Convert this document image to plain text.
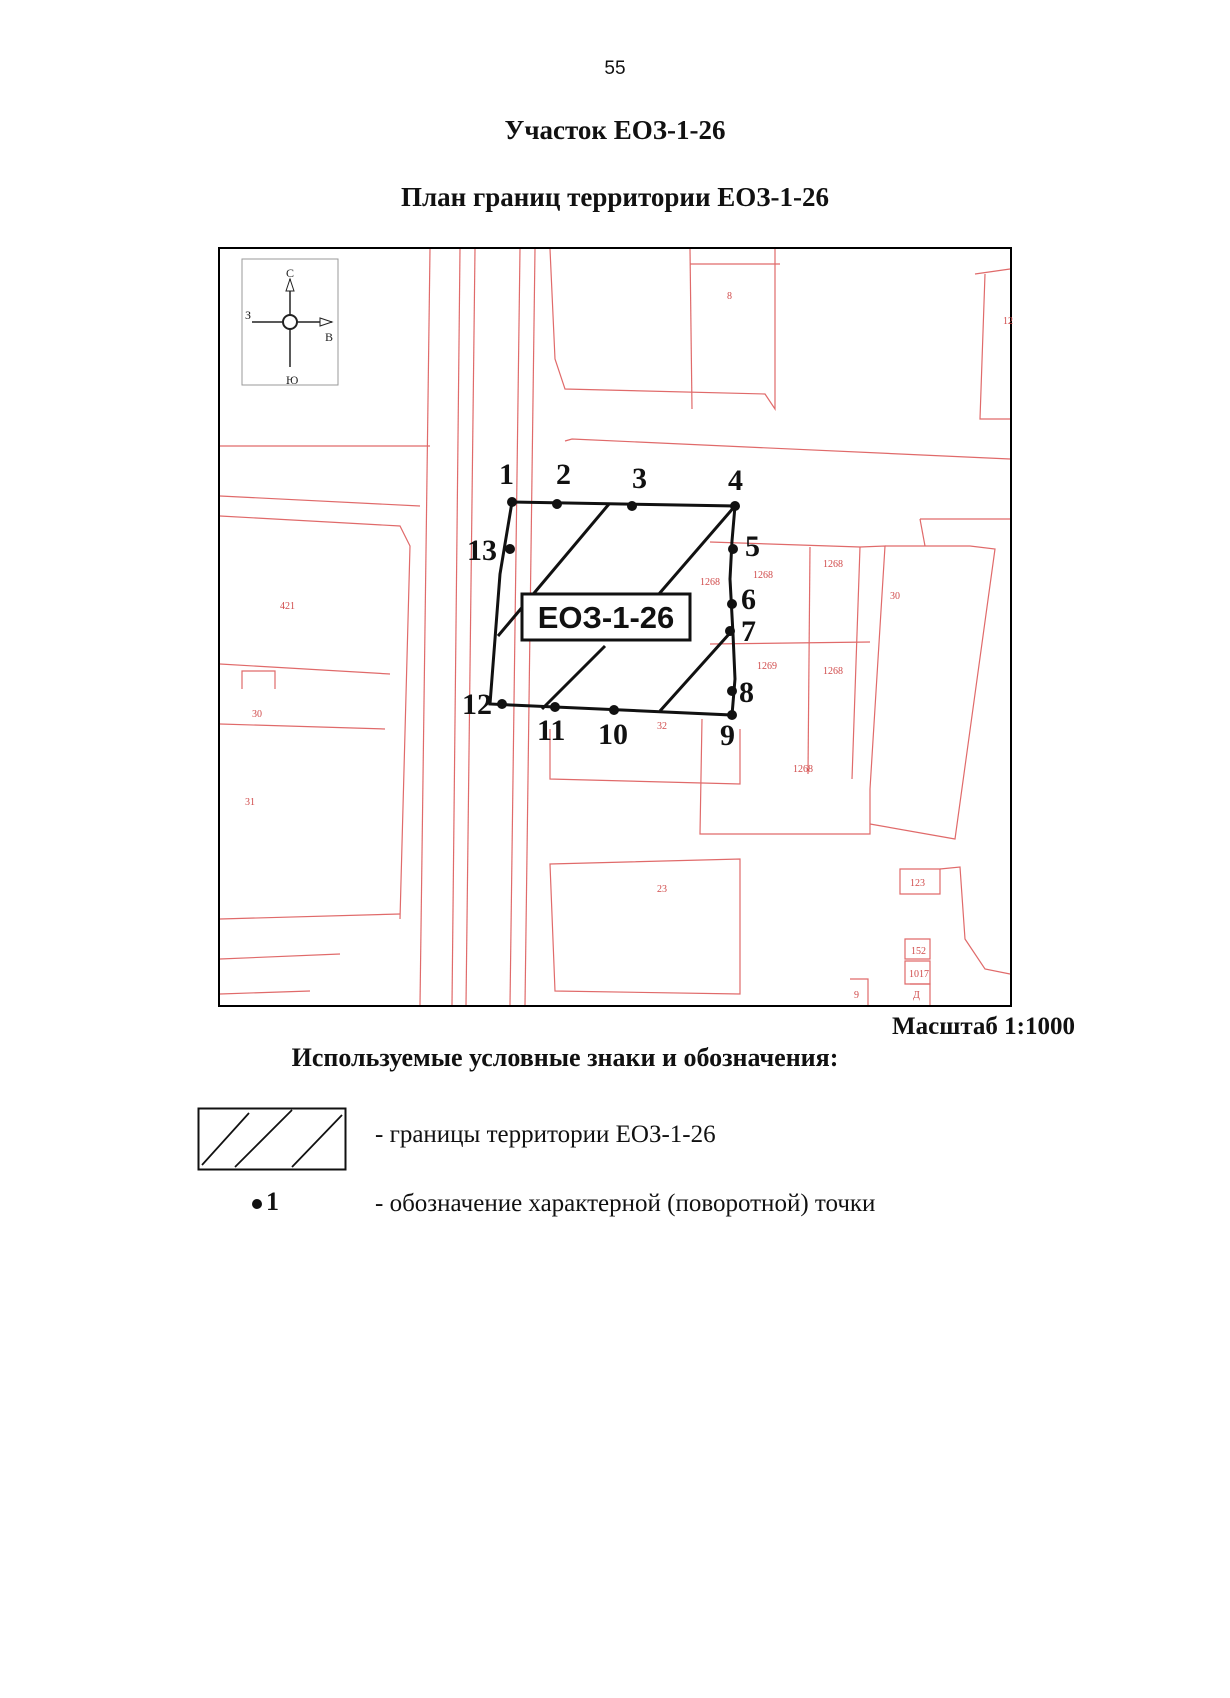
55
Участок ЕОЗ-1-26
План границ территории ЕОЗ-1-26
8
12
421
30
31
32
1268
1268
1268
1268
1268
1269
30
123
23
152
1017
9	Д
С
Ю
З
В
ЕОЗ-1-26
1 2 3	4
5
6
7
8
9
10
11
12
13
Масштаб 1:1000
Используемые условные знаки и обозначения:
- границы территории ЕОЗ-1-26
1	- обозначение характерной (поворотной) точки
